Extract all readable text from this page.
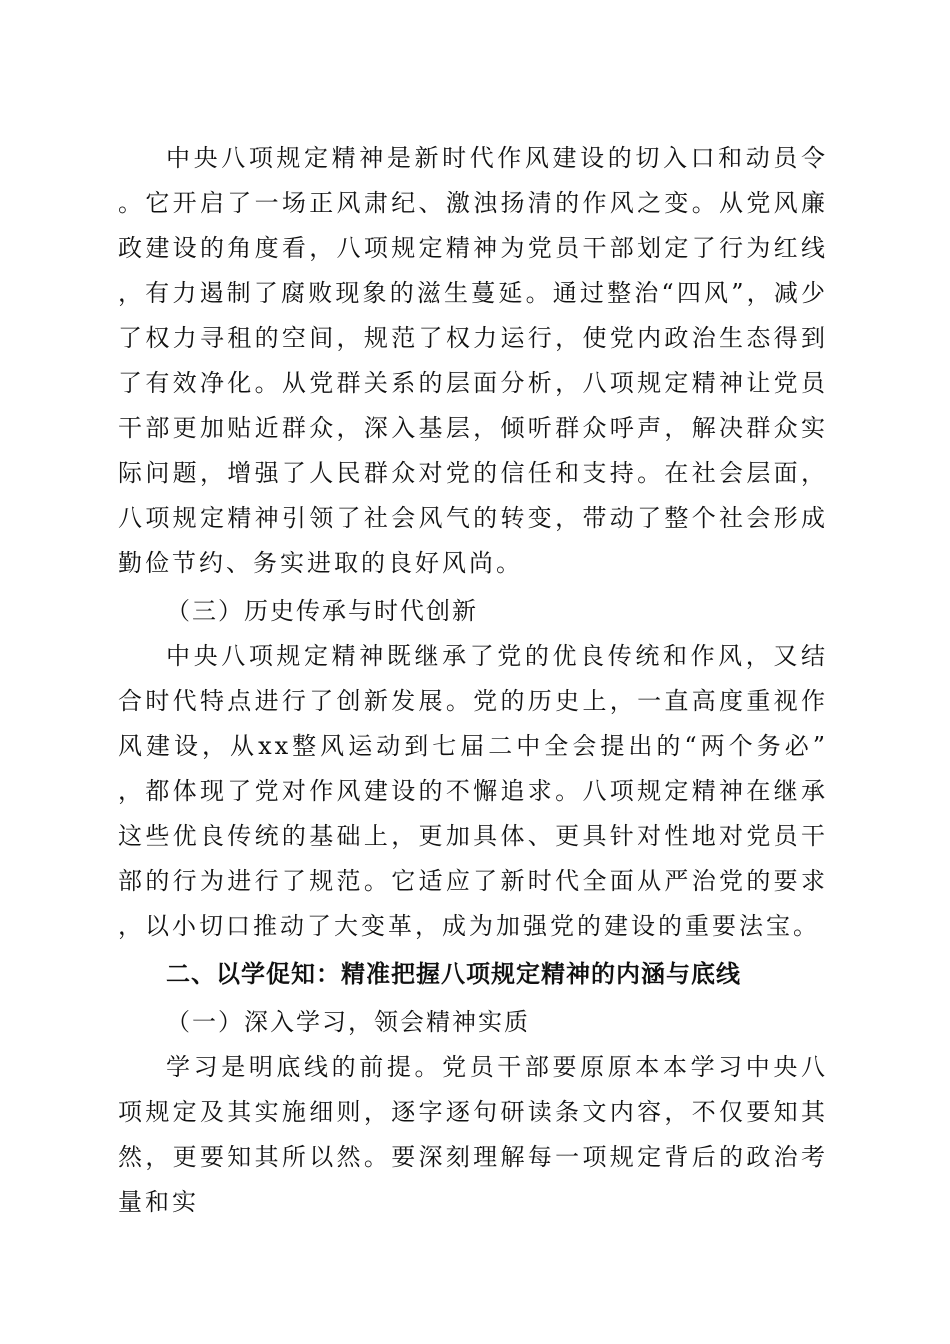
中央八项规定精神是新时代作风建设的切入口和动员令。它开启了一场正风肃纪、激浊扬清的作风之变。从党风廉政建设的角度看，八项规定精神为党员干部划定了行为红线，有力遏制了腐败现象的滋生蔓延。通过整治“四风”，减少了权力寻租的空间，规范了权力运行，使党内政治生态得到了有效净化。从党群关系的层面分析，八项规定精神让党员干部更加贴近群众，深入基层，倾听群众呼声，解决群众实际问题，增强了人民群众对党的信任和支持。在社会层面，八项规定精神引领了社会风气的转变，带动了整个社会形成勤俭节约、务实进取的良好风尚。

（三）历史传承与时代创新

中央八项规定精神既继承了党的优良传统和作风，又结合时代特点进行了创新发展。党的历史上，一直高度重视作风建设，从xx整风运动到七届二中全会提出的“两个务必”，都体现了党对作风建设的不懈追求。八项规定精神在继承这些优良传统的基础上，更加具体、更具针对性地对党员干部的行为进行了规范。它适应了新时代全面从严治党的要求，以小切口推动了大变革，成为加强党的建设的重要法宝。

二、以学促知：精准把握八项规定精神的内涵与底线

（一）深入学习，领会精神实质

学习是明底线的前提。党员干部要原原本本学习中央八项规定及其实施细则，逐字逐句研读条文内容，不仅要知其然，更要知其所以然。要深刻理解每一项规定背后的政治考量和实
